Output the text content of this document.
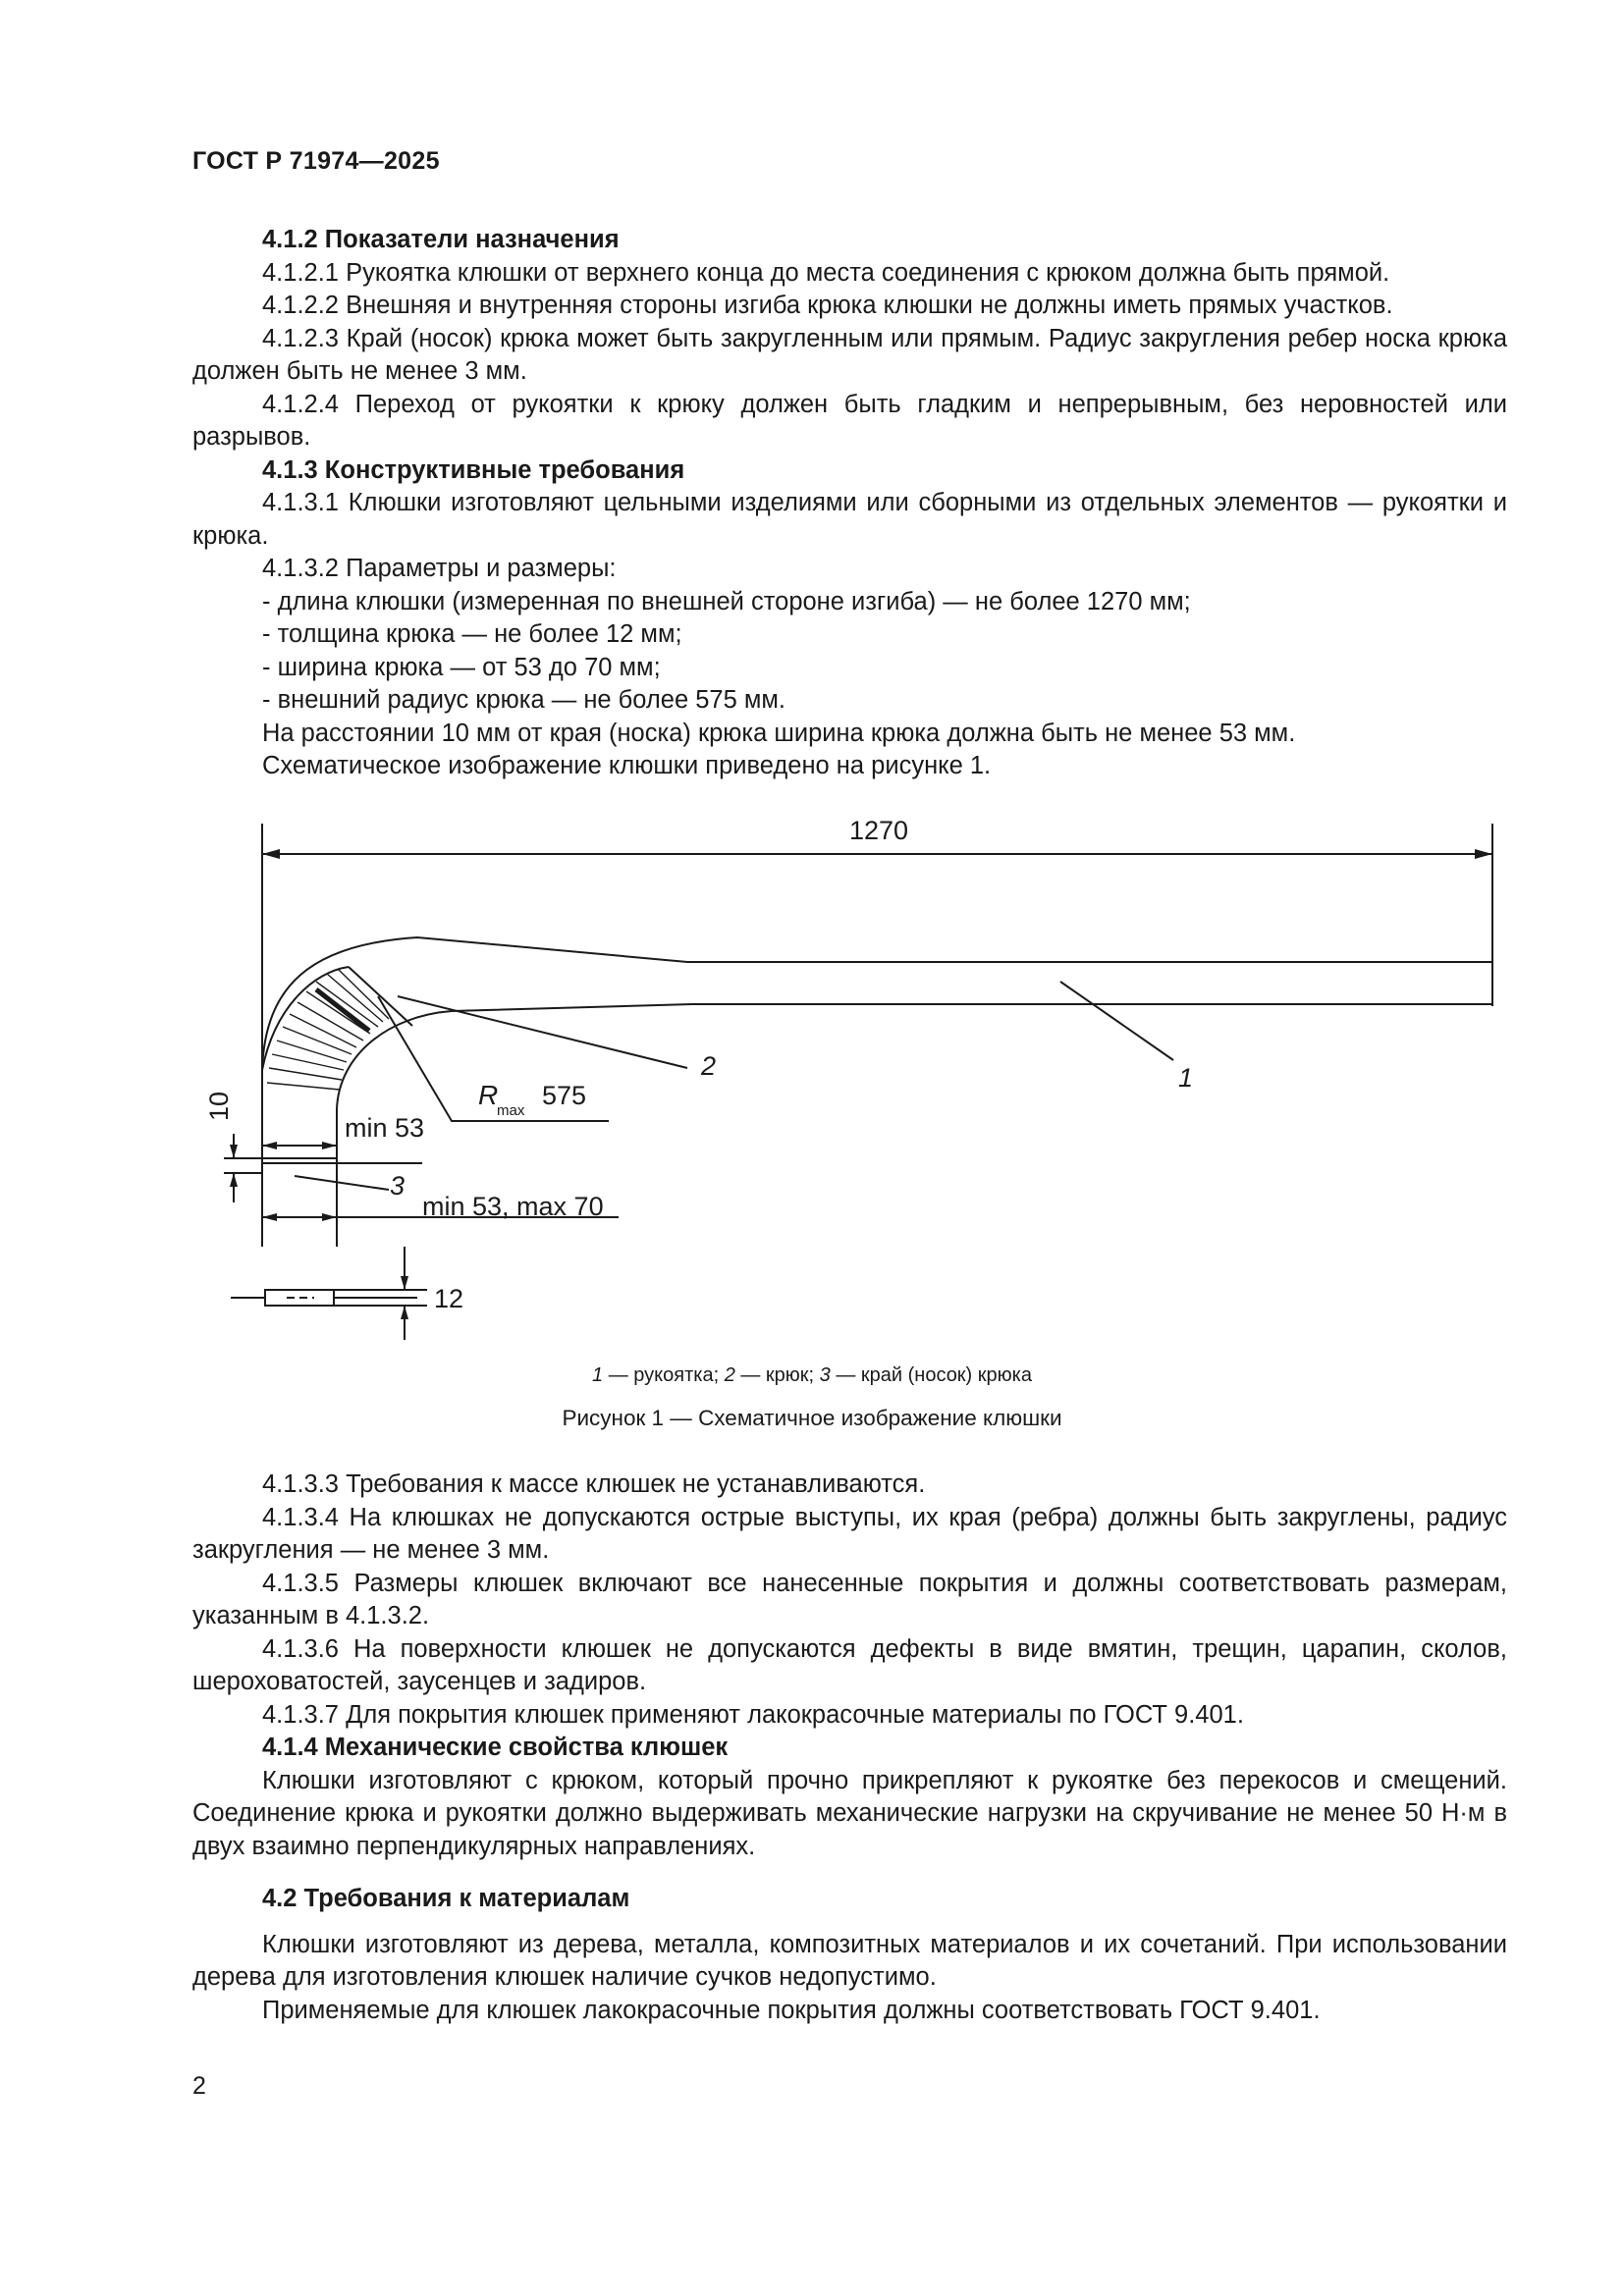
ГОСТ Р 71974—2025

4.1.2 Показатели назначения

4.1.2.1 Рукоятка клюшки от верхнего конца до места соединения с крюком должна быть прямой.

4.1.2.2 Внешняя и внутренняя стороны изгиба крюка клюшки не должны иметь прямых участков.

4.1.2.3 Край (носок) крюка может быть закругленным или прямым. Радиус закругления ребер носка крюка должен быть не менее 3 мм.

4.1.2.4 Переход от рукоятки к крюку должен быть гладким и непрерывным, без неровностей или разрывов.

4.1.3 Конструктивные требования

4.1.3.1 Клюшки изготовляют цельными изделиями или сборными из отдельных элементов — рукоятки и крюка.

4.1.3.2 Параметры и размеры:

- длина клюшки (измеренная по внешней стороне изгиба) — не более 1270 мм;

- толщина крюка — не более 12 мм;

- ширина крюка — от 53 до 70 мм;

- внешний радиус крюка — не более 575 мм.

На расстоянии 10 мм от края (носка) крюка ширина крюка должна быть не менее 53 мм.

Схематическое изображение клюшки приведено на рисунке 1.

1270
1
2
3
R
max
575
min 53
min 53, max 70
10
12
1 — рукоятка; 2 — крюк; 3 — край (носок) крюка
Рисунок 1 — Схематичное изображение клюшки

4.1.3.3 Требования к массе клюшек не устанавливаются.

4.1.3.4 На клюшках не допускаются острые выступы, их края (ребра) должны быть закруглены, радиус закругления — не менее 3 мм.

4.1.3.5 Размеры клюшек включают все нанесенные покрытия и должны соответствовать размерам, указанным в 4.1.3.2.

4.1.3.6 На поверхности клюшек не допускаются дефекты в виде вмятин, трещин, царапин, сколов, шероховатостей, заусенцев и задиров.

4.1.3.7 Для покрытия клюшек применяют лакокрасочные материалы по ГОСТ 9.401.

4.1.4 Механические свойства клюшек

Клюшки изготовляют с крюком, который прочно прикрепляют к рукоятке без перекосов и смещений. Соединение крюка и рукоятки должно выдерживать механические нагрузки на скручивание не менее 50 Н·м в двух взаимно перпендикулярных направлениях.

4.2 Требования к материалам

Клюшки изготовляют из дерева, металла, композитных материалов и их сочетаний. При использовании дерева для изготовления клюшек наличие сучков недопустимо.

Применяемые для клюшек лакокрасочные покрытия должны соответствовать ГОСТ 9.401.

2
